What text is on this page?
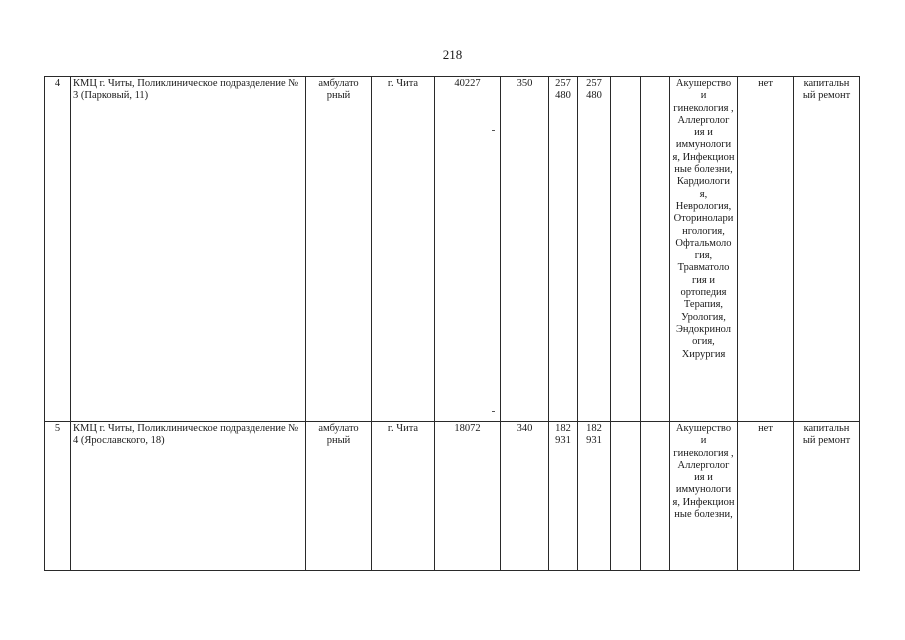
218
4	КМЦ г. Читы, Поликлиническое подразделение № 3 (Парковый, 11)	амбулато рный	г. Чита	40227	350	257 480	257 480			Акушерство и гинекология , Аллерголог ия и иммунологи я, Инфекцион ные болезни, Кардиологи я, Неврология, Оториноларингология, Офтальмоло гия, Травматоло гия и ортопедия Терапия, Урология, Эндокринол огия, Хирургия	нет	капитальн ый ремонт
5	КМЦ г. Читы, Поликлиническое подразделение № 4 (Ярославского, 18)	амбулато рный	г. Чита	18072	340	182 931	182 931			Акушерство и гинекология , Аллерголог ия и иммунологи я, Инфекцион ные болезни,	нет	капитальн ый ремонт
